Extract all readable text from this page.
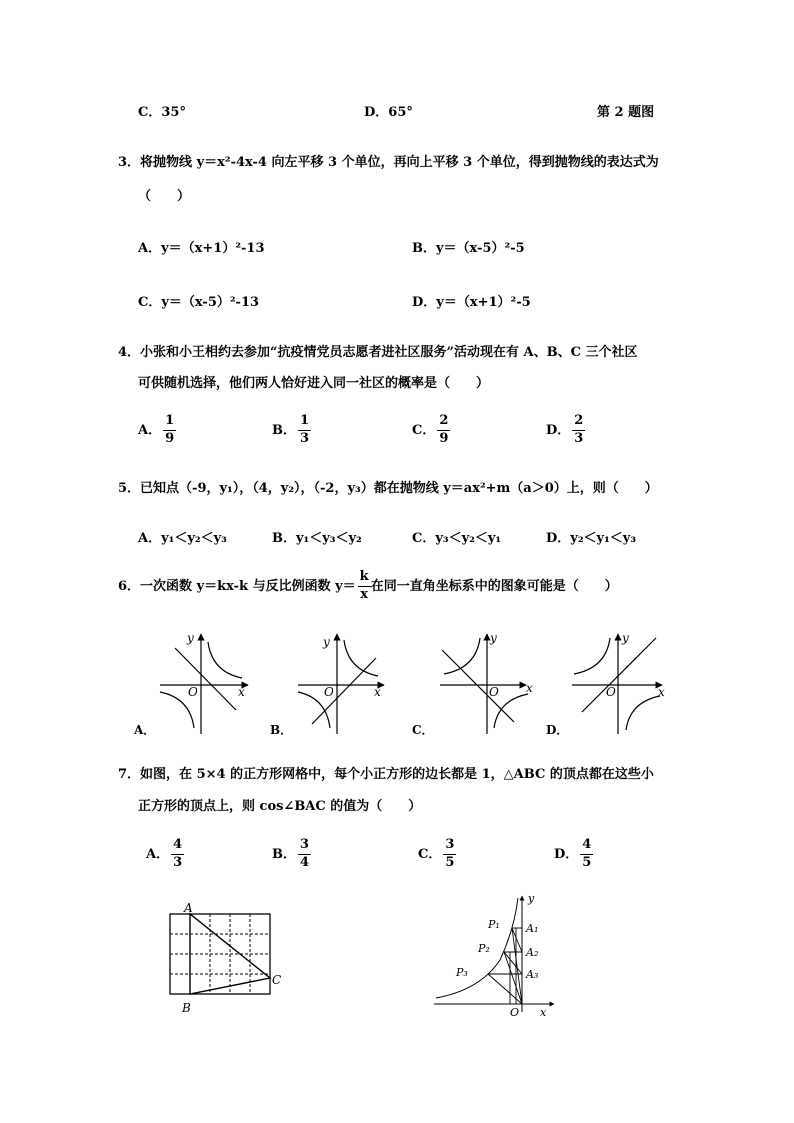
C．35°	D．65°	第 2 题图
3．将抛物线 y＝x²-4x-4 向左平移 3 个单位，再向上平移 3 个单位，得到抛物线的表达式为
（　　）
A．y＝（x+1）²-13	B．y＝（x-5）²-5
C．y＝（x-5）²-13	D．y＝（x+1）²-5
4．小张和小王相约去参加“抗疫情党员志愿者进社区服务”活动现在有 A、B、C 三个社区
可供随机选择，他们两人恰好进入同一社区的概率是（　　）
A． $\frac{1}{9}$	B． $\frac{1}{3}$	C． $\frac{2}{9}$	D． $\frac{2}{3}$
5．已知点（-9，y₁），（4，y₂），（-2，y₃）都在抛物线 y＝ax²+m（a＞0）上，则（　　）
A．y₁＜y₂＜y₃	B．y₁＜y₃＜y₂	C．y₃＜y₂＜y₁	D．y₂＜y₁＜y₃
6．一次函数 y＝kx-k 与反比例函数 $y= \frac{k}{x}$ 在同一直角坐标系中的图象可能是（　　）
y
x
O
A．
y
x
O
B．
y
x
O
C．
y
x
O
D．
7．如图，在 5×4 的正方形网格中，每个小正方形的边长都是 1，△ABC 的顶点都在这些小
正方形的顶点上，则 cos∠BAC 的值为（　　）
A． $\frac{4}{3}$	B． $\frac{3}{4}$	C． $\frac{3}{5}$	D． $\frac{4}{5}$
A
B
C
P₁
P₂
P₃
A₁
A₂
A₃
O x
y
